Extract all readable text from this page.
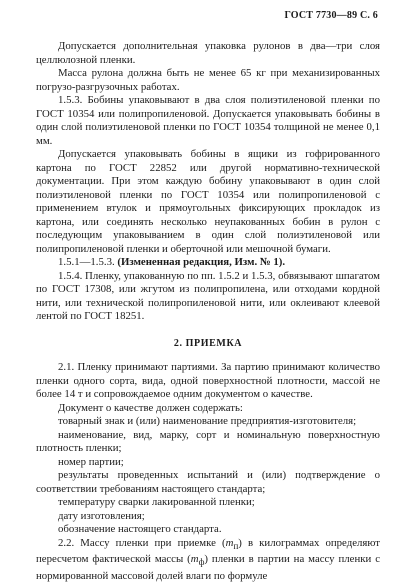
ГОСТ 7730—89 С. 6

Допускается дополнительная упаковка рулонов в два—три слоя целлюлозной пленки.

Масса рулона должна быть не менее 65 кг при механизированных погрузо-разгрузочных работах.

1.5.3. Бобины упаковывают в два слоя полиэтиленовой пленки по ГОСТ 10354 или полипропиленовой. Допускается упаковывать бобины в один слой полиэтиленовой пленки по ГОСТ 10354 толщиной не менее 0,1 мм.

Допускается упаковывать бобины в ящики из гофрированного картона по ГОСТ 22852 или другой нормативно-технической документации. При этом каждую бобину упаковывают в один слой полиэтиленовой пленки по ГОСТ 10354 или полипропиленовой с применением втулок и прямоугольных фиксирующих прокладок из картона, или соединять несколько неупакованных бобин в рулон с последующим упаковыванием в один слой полиэтиленовой или полипропиленовой пленки и оберточной или мешочной бумаги.

1.5.1—1.5.3. (Измененная редакция, Изм. № 1).

1.5.4. Пленку, упакованную по пп. 1.5.2 и 1.5.3, обвязывают шпагатом по ГОСТ 17308, или жгутом из полипропилена, или отходами кордной нити, или технической полипропиленовой нити, или оклеивают клеевой лентой по ГОСТ 18251.

2. ПРИЕМКА

2.1. Пленку принимают партиями. За партию принимают количество пленки одного сорта, вида, одной поверхностной плотности, массой не более 14 т и сопровождаемое одним документом о качестве.

Документ о качестве должен содержать:

товарный знак и (или) наименование предприятия-изготовителя;

наименование, вид, марку, сорт и номинальную поверхностную плотность пленки;

номер партии;

результаты проведенных испытаний и (или) подтверждение о соответствии требованиям настоящего стандарта;

температуру сварки лакированной пленки;

дату изготовления;

обозначение настоящего стандарта.

2.2. Массу пленки при приемке $(m_п)$ в килограммах определяют пересчетом фактической массы $(m_ф)$ пленки в партии на массу пленки с нормированной массовой долей влаги по формуле
